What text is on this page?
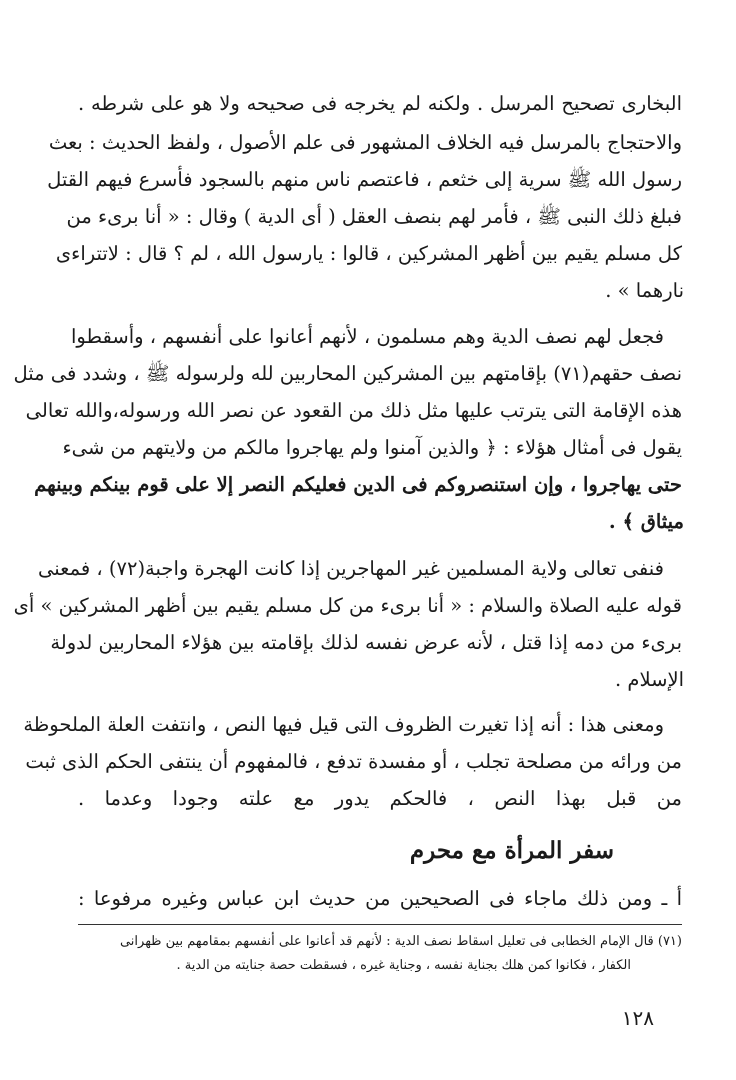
البخارى تصحيح المرسل . ولكنه لم يخرجه فى صحيحه ولا هو على شرطه .
والاحتجاج بالمرسل فيه الخلاف المشهور فى علم الأصول ، ولفظ الحديث : بعث
رسول الله ﷺ سرية إلى خثعم ، فاعتصم ناس منهم بالسجود فأسرع فيهم القتل
فبلغ ذلك النبى ﷺ ، فأمر لهم بنصف العقل ( أى الدية ) وقال : « أنا برىء من
كل مسلم يقيم بين أظهر المشركين ، قالوا : يارسول الله ، لم ؟ قال : لاتتراءى
نارهما » .
فجعل لهم نصف الدية وهم مسلمون ، لأنهم أعانوا على أنفسهم ، وأسقطوا
نصف حقهم(٧١) بإقامتهم بين المشركين المحاربين لله ولرسوله ﷺ ، وشدد فى مثل
هذه الإقامة التى يترتب عليها مثل ذلك من القعود عن نصر الله ورسوله،والله تعالى
يقول فى أمثال هؤلاء : ﴿ والذين آمنوا ولم يهاجروا مالكم من ولايتهم من شىء
حتى يهاجروا ، وإن استنصروكم فى الدين فعليكم النصر إلا على قوم بينكم وبينهم
ميثاق ﴾ .
فنفى تعالى ولاية المسلمين غير المهاجرين إذا كانت الهجرة واجبة(٧٢) ، فمعنى
قوله عليه الصلاة والسلام : « أنا برىء من كل مسلم يقيم بين أظهر المشركين » أى
برىء من دمه إذا قتل ، لأنه عرض نفسه لذلك بإقامته بين هؤلاء المحاربين لدولة
الإسلام .
ومعنى هذا : أنه إذا تغيرت الظروف التى قيل فيها النص ، وانتفت العلة الملحوظة
من ورائه من مصلحة تجلب ، أو مفسدة تدفع ، فالمفهوم أن ينتفى الحكم الذى ثبت
من قبل بهذا النص ، فالحكم يدور مع علته وجودا وعدما .
سفر المرأة مع محرم
أ ـ ومن ذلك ماجاء فى الصحيحين من حديث ابن عباس وغيره مرفوعا :
(٧١) قال الإمام الخطابى فى تعليل اسقاط نصف الدية : لأنهم قد أعانوا على أنفسهم بمقامهم بين ظهرانى
الكفار ، فكانوا كمن هلك بجناية نفسه ، وجناية غيره ، فسقطت حصة جنايته من الدية .
١٢٨
